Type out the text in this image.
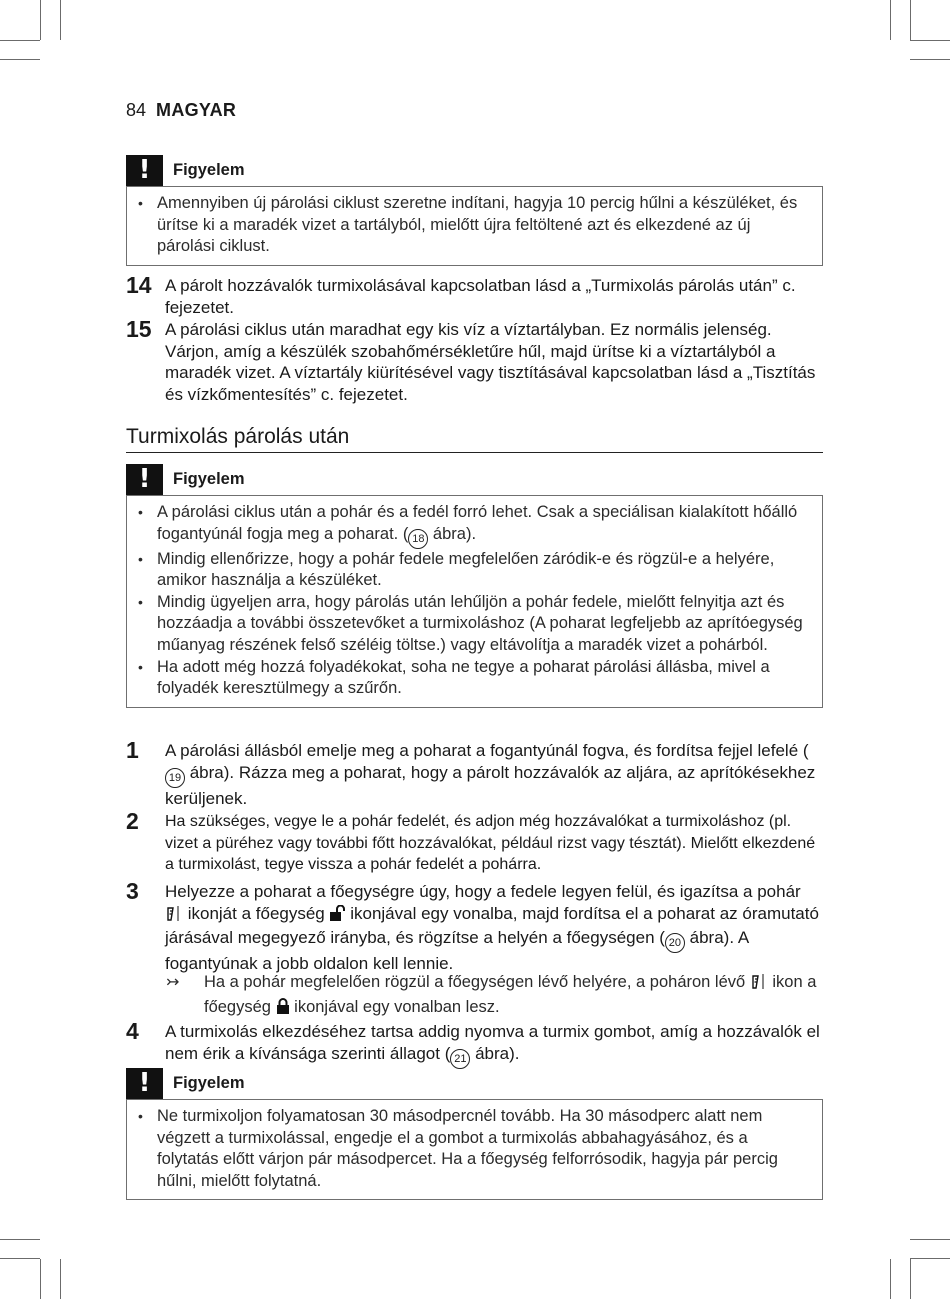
84 MAGYAR
!	Figyelem
• Amennyiben új párolási ciklust szeretne indítani, hagyja 10 percig hűlni a készüléket, és ürítse ki a maradék vizet a tartályból, mielőtt újra feltöltené azt és elkezdené az új párolási ciklust.
14 A párolt hozzávalók turmixolásával kapcsolatban lásd a „Turmixolás párolás után” c. fejezetet.
15 A párolási ciklus után maradhat egy kis víz a víztartályban. Ez normális jelenség. Várjon, amíg a készülék szobahőmérsékletűre hűl, majd ürítse ki a víztartályból a maradék vizet. A víztartály kiürítésével vagy tisztításával kapcsolatban lásd a „Tisztítás és vízkőmentesítés” c. fejezetet.
Turmixolás párolás után
!	Figyelem
• A párolási ciklus után a pohár és a fedél forró lehet. Csak a speciálisan kialakított hőálló fogantyúnál fogja meg a poharat. ( 18 ábra).
• Mindig ellenőrizze, hogy a pohár fedele megfelelően záródik-e és rögzül-e a helyére, amikor használja a készüléket.
• Mindig ügyeljen arra, hogy párolás után lehűljön a pohár fedele, mielőtt felnyitja azt és hozzáadja a további összetevőket a turmixoláshoz (A poharat legfeljebb az aprítóegység műanyag részének felső széléig töltse.) vagy eltávolítja a maradék vizet a pohárból.
• Ha adott még hozzá folyadékokat, soha ne tegye a poharat párolási állásba, mivel a folyadék keresztülmegy a szűrőn.
1 A párolási állásból emelje meg a poharat a fogantyúnál fogva, és fordítsa fejjel lefelé (19 ábra). Rázza meg a poharat, hogy a párolt hozzávalók az aljára, az aprítókésekhez kerüljenek.
2 Ha szükséges, vegye le a pohár fedelét, és adjon még hozzávalókat a turmixoláshoz (pl. vizet a püréhez vagy további főtt hozzávalókat, például rizst vagy tésztát). Mielőtt elkezdené a turmixolást, tegye vissza a pohár fedelét a pohárra.
3 Helyezze a poharat a főegységre úgy, hogy a fedele legyen felül, és igazítsa a pohár  ikonját a főegység  ikonjával egy vonalba, majd fordítsa el a poharat az óramutató járásával megegyező irányba, és rögzítse a helyén a főegységen ( 20 ábra). A fogantyúnak a jobb oldalon kell lennie.
↣ Ha a pohár megfelelően rögzül a főegységen lévő helyére, a poháron lévő  ikon a főegység  ikonjával egy vonalban lesz.
4 A turmixolás elkezdéséhez tartsa addig nyomva a turmix gombot, amíg a hozzávalók el nem érik a kívánsága szerinti állagot ( 21 ábra).
!	Figyelem
• Ne turmixoljon folyamatosan 30 másodpercnél tovább. Ha 30 másodperc alatt nem végzett a turmixolással, engedje el a gombot a turmixolás abbahagyásához, és a folytatás előtt várjon pár másodpercet. Ha a főegység felforrósodik, hagyja pár percig hűlni, mielőtt folytatná.
